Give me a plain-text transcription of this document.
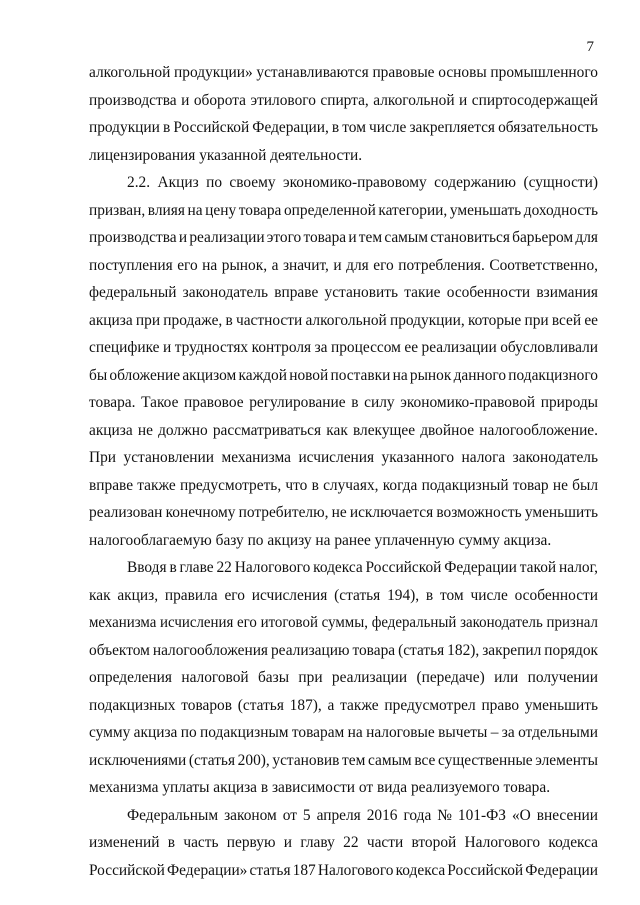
7
алкогольной продукции» устанавливаются правовые основы промышленного
производства и оборота этилового спирта, алкогольной и спиртосодержащей
продукции в Российской Федерации, в том числе закрепляется обязательность
лицензирования указанной деятельности.
2.2. Акциз по своему экономико-правовому содержанию (сущности)
призван, влияя на цену товара определенной категории, уменьшать доходность
производства и реализации этого товара и тем самым становиться барьером для
поступления его на рынок, а значит, и для его потребления. Соответственно,
федеральный законодатель вправе установить такие особенности взимания
акциза при продаже, в частности алкогольной продукции, которые при всей ее
специфике и трудностях контроля за процессом ее реализации обусловливали
бы обложение акцизом каждой новой поставки на рынок данного подакцизного
товара. Такое правовое регулирование в силу экономико-правовой природы
акциза не должно рассматриваться как влекущее двойное налогообложение.
При установлении механизма исчисления указанного налога законодатель
вправе также предусмотреть, что в случаях, когда подакцизный товар не был
реализован конечному потребителю, не исключается возможность уменьшить
налогооблагаемую базу по акцизу на ранее уплаченную сумму акциза.
Вводя в главе 22 Налогового кодекса Российской Федерации такой налог,
как акциз, правила его исчисления (статья 194), в том числе особенности
механизма исчисления его итоговой суммы, федеральный законодатель признал
объектом налогообложения реализацию товара (статья 182), закрепил порядок
определения налоговой базы при реализации (передаче) или получении
подакцизных товаров (статья 187), а также предусмотрел право уменьшить
сумму акциза по подакцизным товарам на налоговые вычеты – за отдельными
исключениями (статья 200), установив тем самым все существенные элементы
механизма уплаты акциза в зависимости от вида реализуемого товара.
Федеральным законом от 5 апреля 2016 года № 101-ФЗ «О внесении
изменений в часть первую и главу 22 части второй Налогового кодекса
Российской Федерации» статья 187 Налогового кодекса Российской Федерации
